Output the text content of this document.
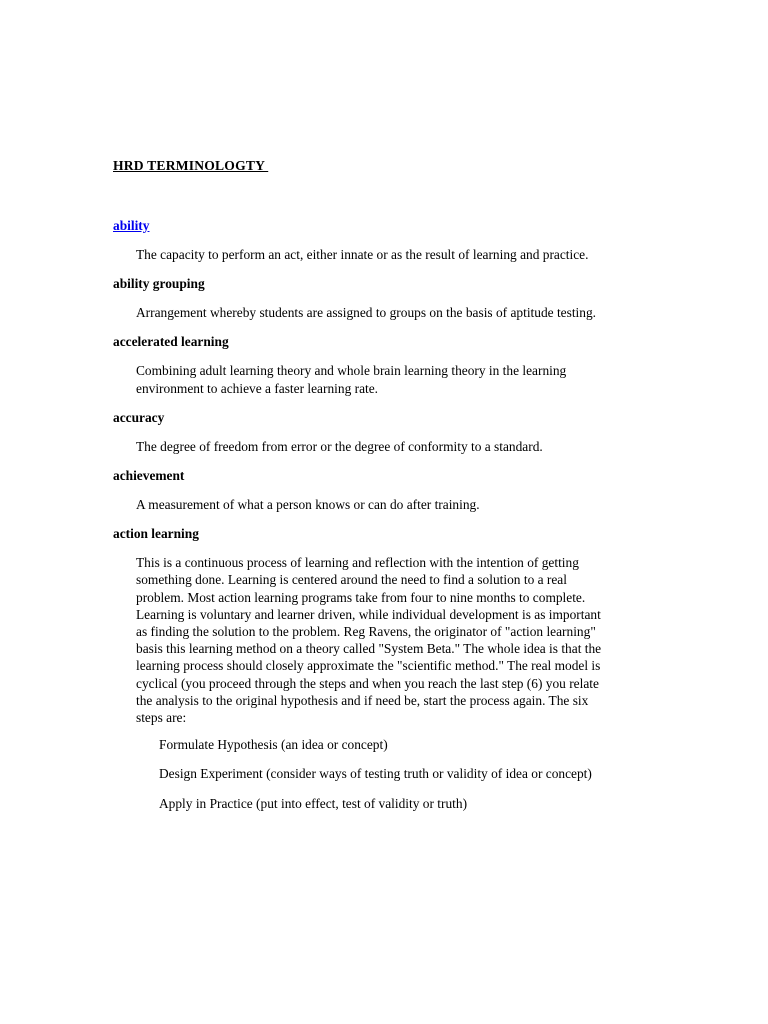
HRD TERMINOLOGTY
ability
The capacity to perform an act, either innate or as the result of learning and practice.
ability grouping
Arrangement whereby students are assigned to groups on the basis of aptitude testing.
accelerated learning
Combining adult learning theory and whole brain learning theory in the learning environment to achieve a faster learning rate.
accuracy
The degree of freedom from error or the degree of conformity to a standard.
achievement
A measurement of what a person knows or can do after training.
action learning
This is a continuous process of learning and reflection with the intention of getting something done. Learning is centered around the need to find a solution to a real problem. Most action learning programs take from four to nine months to complete. Learning is voluntary and learner driven, while individual development is as important as finding the solution to the problem. Reg Ravens, the originator of "action learning" basis this learning method on a theory called "System Beta." The whole idea is that the learning process should closely approximate the "scientific method." The real model is cyclical (you proceed through the steps and when you reach the last step (6) you relate the analysis to the original hypothesis and if need be, start the process again. The six steps are:
Formulate Hypothesis (an idea or concept)
Design Experiment (consider ways of testing truth or validity of idea or concept)
Apply in Practice (put into effect, test of validity or truth)
